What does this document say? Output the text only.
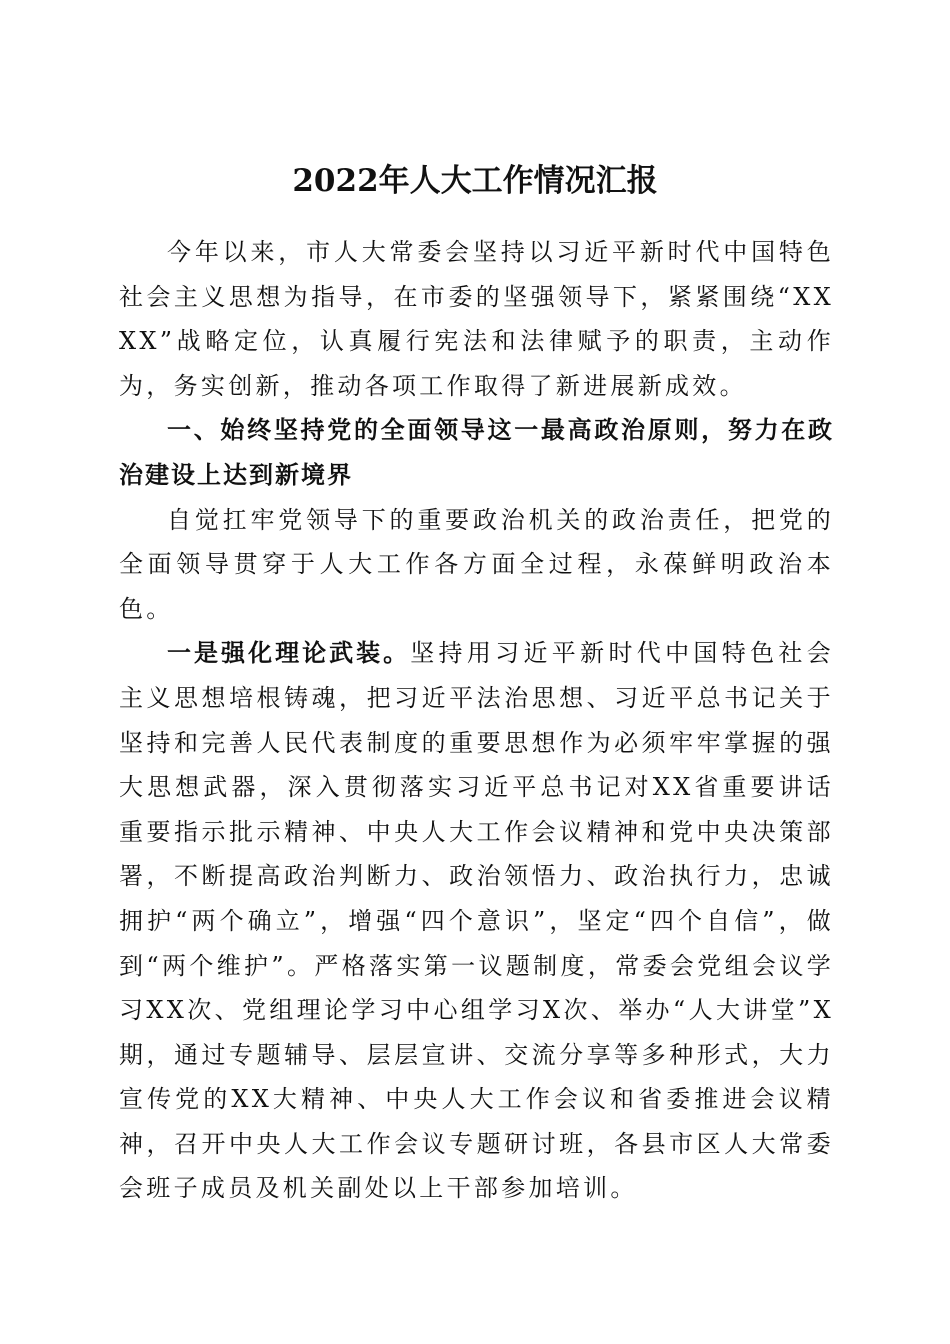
2022年人大工作情况汇报

今年以来，市人大常委会坚持以习近平新时代中国特色社会主义思想为指导，在市委的坚强领导下，紧紧围绕“XXXX”战略定位，认真履行宪法和法律赋予的职责，主动作为，务实创新，推动各项工作取得了新进展新成效。

一、始终坚持党的全面领导这一最高政治原则，努力在政治建设上达到新境界

自觉扛牢党领导下的重要政治机关的政治责任，把党的全面领导贯穿于人大工作各方面全过程，永葆鲜明政治本色。

一是强化理论武装。坚持用习近平新时代中国特色社会主义思想培根铸魂，把习近平法治思想、习近平总书记关于坚持和完善人民代表制度的重要思想作为必须牢牢掌握的强大思想武器，深入贯彻落实习近平总书记对XX省重要讲话重要指示批示精神、中央人大工作会议精神和党中央决策部署，不断提高政治判断力、政治领悟力、政治执行力，忠诚拥护“两个确立”，增强“四个意识”，坚定“四个自信”，做到“两个维护”。严格落实第一议题制度，常委会党组会议学习XX次、党组理论学习中心组学习X次、举办“人大讲堂”X期，通过专题辅导、层层宣讲、交流分享等多种形式，大力宣传党的XX大精神、中央人大工作会议和省委推进会议精神，召开中央人大工作会议专题研讨班，各县市区人大常委会班子成员及机关副处以上干部参加培训。
